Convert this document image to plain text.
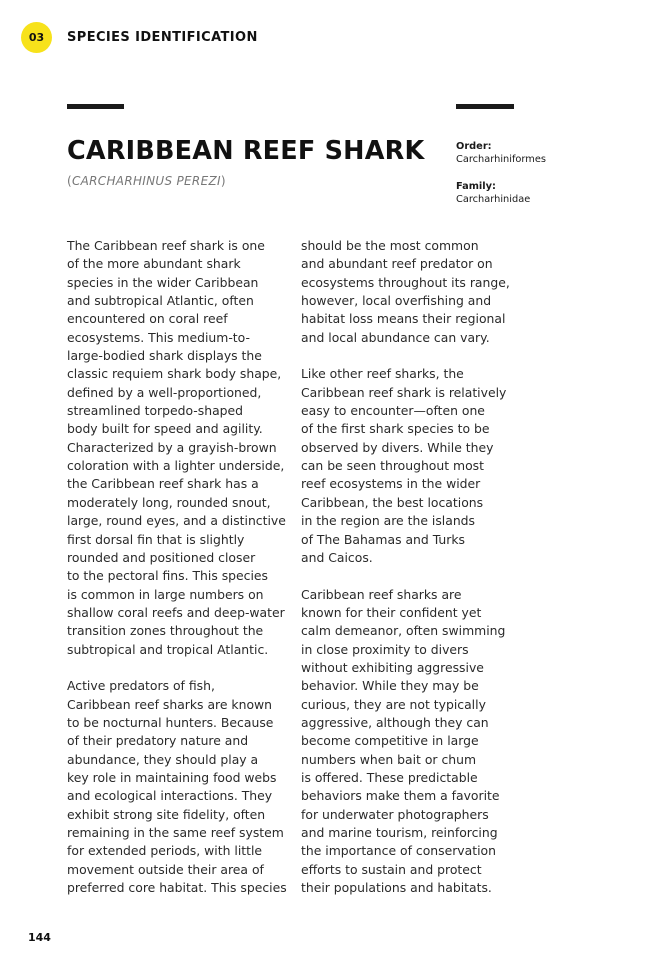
03 SPECIES IDENTIFICATION
CARIBBEAN REEF SHARK
(CARCHARHINUS PEREZI)
Order:
Carcharhiniformes
Family:
Carcharhinidae
The Caribbean reef shark is one
of the more abundant shark
species in the wider Caribbean
and subtropical Atlantic, often
encountered on coral reef
ecosystems. This medium-to-
large-bodied shark displays the
classic requiem shark body shape,
defined by a well-proportioned,
streamlined torpedo-shaped
body built for speed and agility.
Characterized by a grayish-brown
coloration with a lighter underside,
the Caribbean reef shark has a
moderately long, rounded snout,
large, round eyes, and a distinctive
first dorsal fin that is slightly
rounded and positioned closer
to the pectoral fins. This species
is common in large numbers on
shallow coral reefs and deep-water
transition zones throughout the
subtropical and tropical Atlantic.
Active predators of fish,
Caribbean reef sharks are known
to be nocturnal hunters. Because
of their predatory nature and
abundance, they should play a
key role in maintaining food webs
and ecological interactions. They
exhibit strong site fidelity, often
remaining in the same reef system
for extended periods, with little
movement outside their area of
preferred core habitat. This species
should be the most common
and abundant reef predator on
ecosystems throughout its range,
however, local overfishing and
habitat loss means their regional
and local abundance can vary.
Like other reef sharks, the
Caribbean reef shark is relatively
easy to encounter—often one
of the first shark species to be
observed by divers. While they
can be seen throughout most
reef ecosystems in the wider
Caribbean, the best locations
in the region are the islands
of The Bahamas and Turks
and Caicos.
Caribbean reef sharks are
known for their confident yet
calm demeanor, often swimming
in close proximity to divers
without exhibiting aggressive
behavior. While they may be
curious, they are not typically
aggressive, although they can
become competitive in large
numbers when bait or chum
is offered. These predictable
behaviors make them a favorite
for underwater photographers
and marine tourism, reinforcing
the importance of conservation
efforts to sustain and protect
their populations and habitats.
144
